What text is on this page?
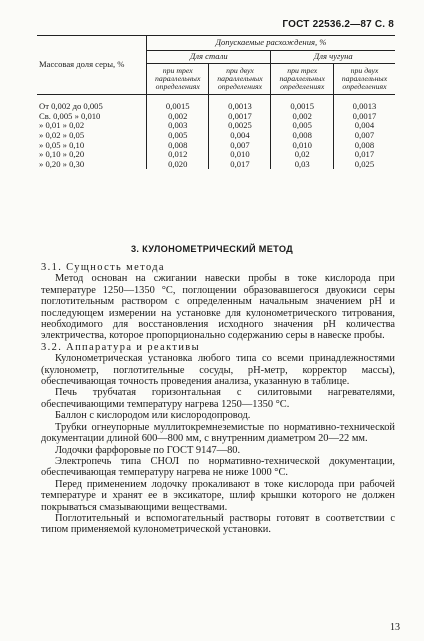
ГОСТ 22536.2—87 С. 8
Массовая доля серы, %	Допускаемые расхождения, %			
	Для стали		Для чугуна	
	при трех параллельных определениях	при двух параллельных определениях	при трех параллельных определениях	при двух параллельных определениях
От 0,002 до 0,005	0,0015	0,0013	0,0015	0,0013
Св. 0,005 » 0,010	0,002	0,0017	0,002	0,0017
» 0,01 » 0,02	0,003	0,0025	0,005	0,004
» 0,02 » 0,05	0,005	0,004	0,008	0,007
» 0,05 » 0,10	0,008	0,007	0,010	0,008
» 0,10 » 0,20	0,012	0,010	0,02	0,017
» 0,20 » 0,30	0,020	0,017	0,03	0,025
3. КУЛОНОМЕТРИЧЕСКИЙ МЕТОД

3.1. Сущность метода

Метод основан на сжигании навески пробы в токе кислорода при температуре 1250—1350 °С, поглощении образовавшегося двуокиси серы поглотительным раствором с определенным начальным значением рН и последующем измерении на установке для кулонометрического титрования, необходимого для восстановления исходного значения рН количества электричества, которое пропорционально содержанию серы в навеске пробы.

3.2. Аппаратура и реактивы

Кулонометрическая установка любого типа со всеми принадлежностями (кулонометр, поглотительные сосуды, рН-метр, корректор массы), обеспечивающая точность проведения анализа, указанную в таблице.

Печь трубчатая горизонтальная с силитовыми нагревателями, обеспечивающими температуру нагрева 1250—1350 °С.

Баллон с кислородом или кислородопровод.

Трубки огнеупорные муллитокремнеземистые по нормативно-технической документации длиной 600—800 мм, с внутренним диаметром 20—22 мм.

Лодочки фарфоровые по ГОСТ 9147—80.

Электропечь типа СНОЛ по нормативно-технической документации, обеспечивающая температуру нагрева не ниже 1000 °С.

Перед применением лодочку прокаливают в токе кислорода при рабочей температуре и хранят ее в эксикаторе, шлиф крышки которого не должен покрываться смазывающими веществами.

Поглотительный и вспомогательный растворы готовят в соответствии с типом применяемой кулонометрической установки.

13
